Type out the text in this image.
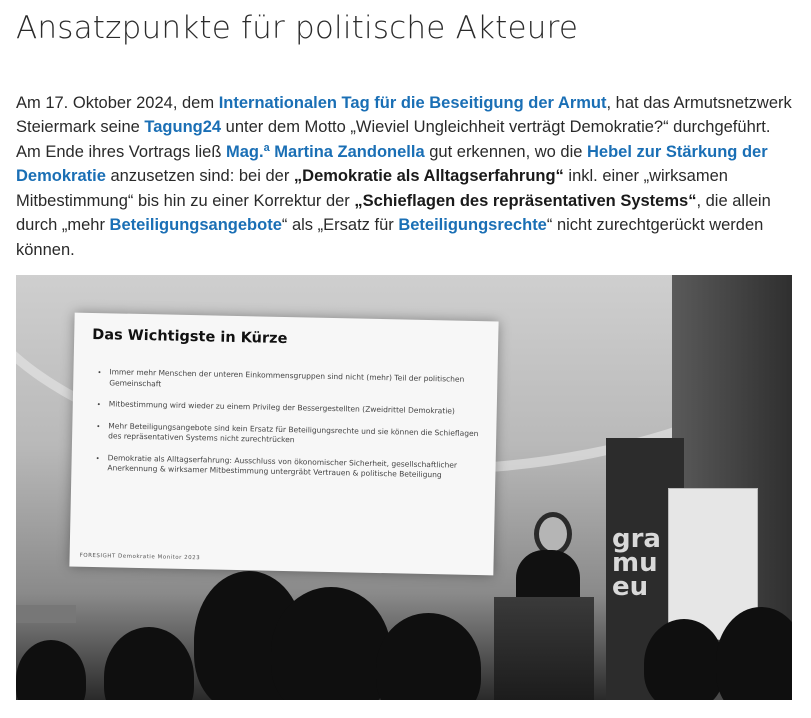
Ansatzpunkte für politische Akteure

Am 17. Oktober 2024, dem Internationalen Tag für die Beseitigung der Armut, hat das Armutsnetzwerk Steiermark seine Tagung24 unter dem Motto „Wieviel Ungleichheit verträgt Demokratie?“ durchgeführt. Am Ende ihres Vortrags ließ Mag.ª Martina Zandonella gut erkennen, wo die Hebel zur Stärkung der Demokratie anzusetzen sind: bei der „Demokratie als Alltagserfahrung“ inkl. einer „wirksamen Mitbestimmung“ bis hin zu einer Korrektur der „Schieflagen des repräsentativen Systems“, die allein durch „mehr Beteiligungsangebote“ als „Ersatz für Beteiligungsrechte“ nicht zurechtgerückt werden können.

Das Wichtigste in Kürze
• Immer mehr Menschen der unteren Einkommensgruppen sind nicht (mehr) Teil der politischen Gemeinschaft
• Mitbestimmung wird wieder zu einem Privileg der Bessergestellten (Zweidrittel Demokratie)
• Mehr Beteiligungsangebote sind kein Ersatz für Beteiligungsrechte und sie können die Schieflagen des repräsentativen Systems nicht zurechtrücken
• Demokratie als Alltagserfahrung: Ausschluss von ökonomischer Sicherheit, gesellschaftlicher Anerkennung & wirksamer Mitbestimmung untergräbt Vertrauen & politische Beteiligung
FORESIGHT Demokratie Monitor 2023
gra mu eu
